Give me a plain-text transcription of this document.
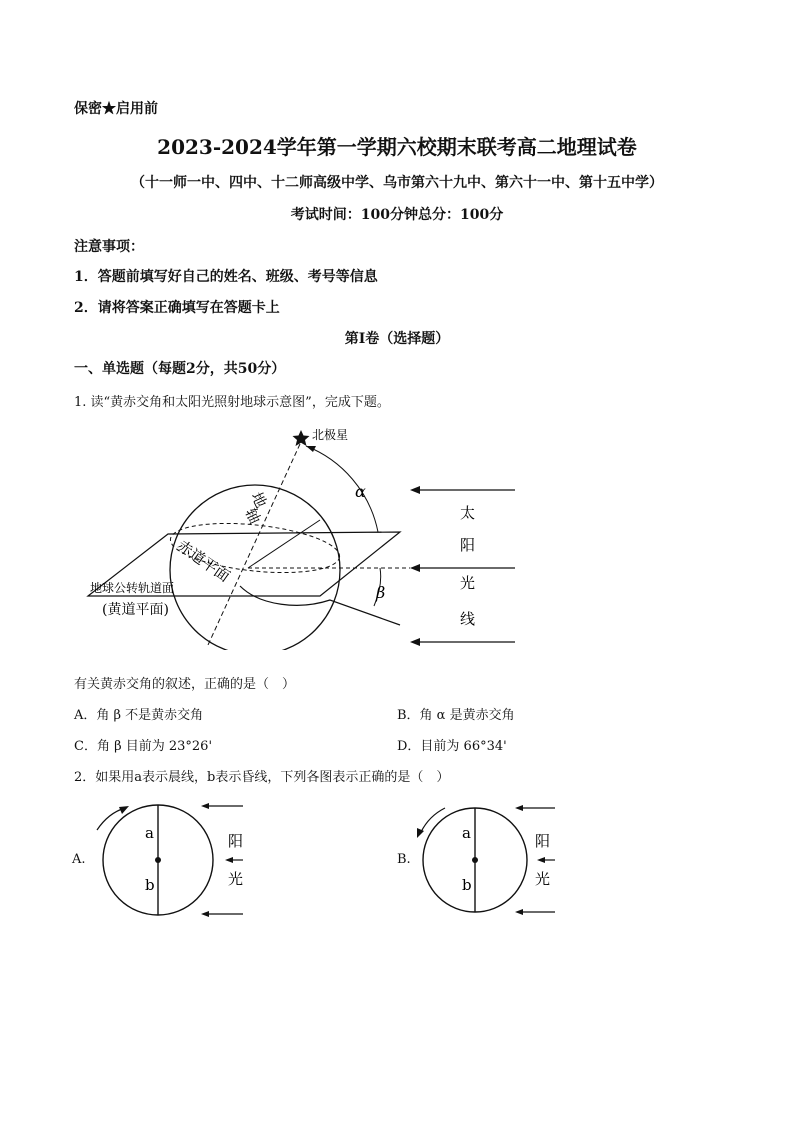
保密★启用前
2023-2024学年第一学期六校期末联考高二地理试卷
（十一师一中、四中、十二师高级中学、乌市第六十九中、第六十一中、第十五中学）
考试时间：100分钟总分：100分
注意事项：
1．答题前填写好自己的姓名、班级、考号等信息
2．请将答案正确填写在答题卡上
第I卷（选择题）
一、单选题（每题2分，共50分）
1. 读“黄赤交角和太阳光照射地球示意图”，完成下题。
北极星
α
β
地
轴
赤道平面
地球公转轨道面
(黄道平面)
太
阳
光
线
有关黄赤交角的叙述，正确的是（　）
A．角 β 不是黄赤交角	B．角 α 是黄赤交角
C．角 β 目前为 23°26'	D．目前为 66°34'
2．如果用a表示晨线，b表示昏线，下列各图表示正确的是（　）
A.
a
b
阳
光
B.
a
b
阳
光
